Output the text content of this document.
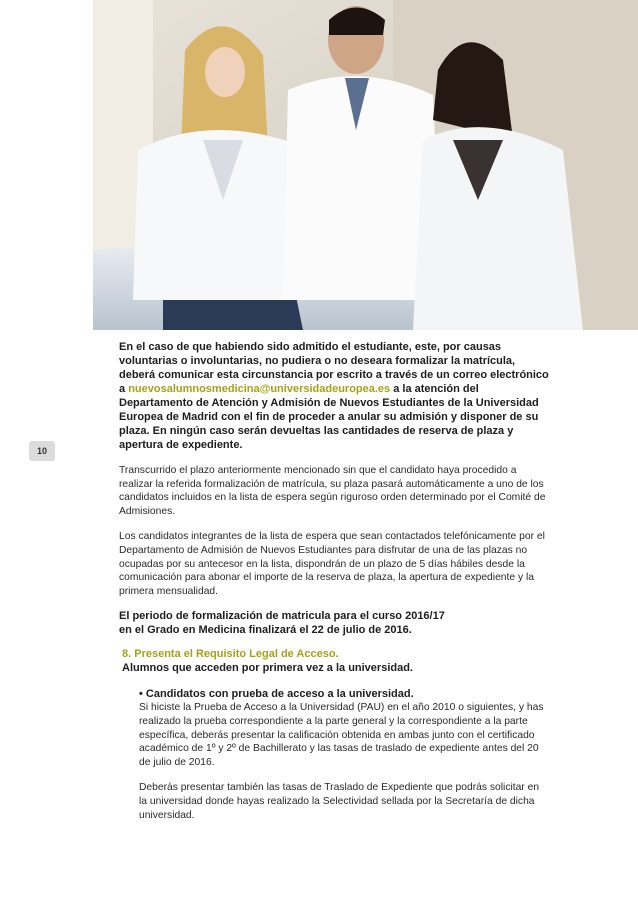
10

En el caso de que habiendo sido admitido el estudiante, este, por causas voluntarias o involuntarias, no pudiera o no deseara formalizar la matrícula, deberá comunicar esta circunstancia por escrito a través de un correo electrónico a nuevosalumnosmedicina@universidadeuropea.es a la atención del Departamento de Atención y Admisión de Nuevos Estudiantes de la Universidad Europea de Madrid con el fin de proceder a anular su admisión y disponer de su plaza. En ningún caso serán devueltas las cantidades de reserva de plaza y apertura de expediente.

Transcurrido el plazo anteriormente mencionado sin que el candidato haya procedido a realizar la referida formalización de matrícula, su plaza pasará automáticamente a uno de los candidatos incluidos en la lista de espera según riguroso orden determinado por el Comité de Admisiones.

Los candidatos integrantes de la lista de espera que sean contactados telefónicamente por el Departamento de Admisión de Nuevos Estudiantes para disfrutar de una de las plazas no ocupadas por su antecesor en la lista, dispondrán de un plazo de 5 días hábiles desde la comunicación para abonar el importe de la reserva de plaza, la apertura de expediente y la primera mensualidad.

El periodo de formalización de matricula para el curso 2016/17
en el Grado en Medicina finalizará el 22 de julio de 2016.

8. Presenta el Requisito Legal de Acceso.

Alumnos que acceden por primera vez a la universidad.

• Candidatos con prueba de acceso a la universidad.

Si hiciste la Prueba de Acceso a la Universidad (PAU) en el año 2010 o siguientes, y has realizado la prueba correspondiente a la parte general y la correspondiente a la parte específica, deberás presentar la calificación obtenida en ambas junto con el certificado académico de 1º y 2º de Bachillerato y las tasas de traslado de expediente antes del 20 de julio de 2016.

Deberás presentar también las tasas de Traslado de Expediente que podrás solicitar en la universidad donde hayas realizado la Selectividad sellada por la Secretaría de dicha universidad.
